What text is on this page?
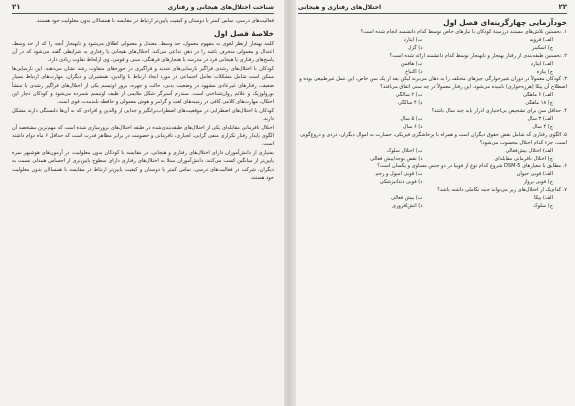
۲۲
اختلال‌های رفتاری و هیجانی
خودآزمایی چهارگزینه‌ای فصل اول

۱. نخستین تلاش‌های مستند درزمینهٔ کودکان با نیازهای خاص توسط کدام دانشمند انجام شده است؟

الف) فروید
ب) ایتارد
ج) اسکینر
د) گزل

۲. نخستین طبقه‌بندی از رفتار بهنجار و نابهنجار توسط کدام دانشمند ارائه شده است؟

الف) ایتارد
ب) هافمن
ج) پیاژه
د) اکنباخ

۳. کودکان معمولاً در دوران شیرخوارگی چیزهای مختلف را به دهان می‌برند لیکن بعد از یک سن خاص، این عمل غیرطبیعی بوده و اصطلاح آن پیکا (هرزه‌خواری) نامیده می‌شود. این رفتار معمولاً در چه سنی اتفاق می‌افتد؟

الف) ۶ ماهگی
ب) ۲ سالگی
ج) ۱۸ ماهگی
د) ۴ سالگی

۴. حداقل سن برای تشخیص بی‌اختیاری ادرار باید چند سال باشد؟

الف) ۳ سال
ب) ۵ سال
ج) ۴ سال
د) ۶ سال

۵. الگوی رفتاری که شامل نقض حقوق دیگران است و همراه با پرخاشگری فیزیکی، خسارت به اموال دیگران، دزدی و دروغ‌گویی است، جزء کدام اختلال محسوب می‌شود؟

الف) اختلال بیش‌فعالی
ب) اختلال سلوک
ج) اختلال نافرمانی مقابله‌ای
د) نقص توجه/بیش فعالی

۶. مطابق با معیارهای DSM-5 شروع کدام نوع از فوبیا در دو جنس مساوی و یکسان است؟

الف) فوبی حیوان
ب) فوبی آمپول و زخم
ج) فوبی پرواز
د) فوبی دندانپزشکی

۷. کدام‌یک از اختلال‌های زیر می‌تواند جنبه تکاملی داشته باشد؟

الف) پیکا
ب) بیش فعالی
ج) سلوک
د) اتش‌افروزی
شناخت اختلال‌های هیجانی و رفتاری
۲۱

فعالیت‌های درسی، تماس کمتر با دوستان و کیفیت پایین‌تر ارتباط در مقایسه با همسالان بدون معلولیت خود هستند.

خلاصهٔ فصل اول

کلمه بهنجار ازنظر لغوی به مفهوم معمول، حد وسط، معتدل و معمولی اطلاق می‌شود و نابهنجار آنچه را که از حد وسط، اعتدال و معمولی منحرف باشد را در ذهن تداعی می‌کند. اختلال‌های هیجانی یا رفتاری به شرایطی گفته می‌شود که در آن پاسخ‌های رفتاری یا هیجانی فرد در مدرسه با هنجارهای فرهنگی، سنی و قومی، وی ازلحاظ تفاوت زیادی دارد.

کودکان با اختلال‌های رشدی فراگیر نارسایی‌های شدید و فراگیری در حوزه‌های متفاوت رشد نشان می‌دهند. این نارسایی‌ها ممکن است شامل مشکلات تعامل اجتماعی در مورد ایجاد ارتباط با والدین، همشیران و دیگران، مهارت‌های ارتباط بسیار ضعیف، رفتارهای غیرعادی مشهود در وضعیت بدنی، حالت و چهره، بروز اوتیسم یکی از اختلال‌های فراگیر رشدی با منشأ نورولوژیک و علائم روان‌شناختی است. سندرم آسپرگر شکل ملایمی از طیف اوتیسم شمرده می‌شود و کودکان دچار این اختلال، مهارت‌های کلامی کافی در زمینه‌های لغت و گرامر و هوش معمولی و حافظه بلندمدت قوی است.

کودکان با اختلال‌های اضطرابی در موقعیت‌های اضطراب‌برانگیز و جدایی از والدین و افرادی که به آن‌ها دلبستگی دارند مشکل دارند.

اختلال نافرمانی مقابله‌ای یکی از اختلال‌های طبقه‌بندی‌شده در طبقه اختلال‌های بروزسازی شده است که مهم‌ترین مشخصه آن الگوی پایدار رفتار تکراری منفی گرایی، لجبازی، نافرمانی و خصومت در برابر مظاهر قدرت است که حداقل ۶ ماه دوام داشته است.

بسیاری از دانش‌آموزان دارای اختلال‌های رفتاری و هیجانی، در مقایسه با کودکان بدون معلولیت، در آزمون‌های هوشبهر نمره پایین‌تر از میانگین کسب می‌کنند. دانش‌آموزان مبتلا به اختلال‌های رفتاری دارای سطوح پایین‌تری از احساس همدلی نسبت به دیگران، شرکت در فعالیت‌های درسی، تماس کمتر با دوستان و کیفیت پایین‌تر ارتباط در مقایسه با همسالان بدون معلولیت خود هستند.
